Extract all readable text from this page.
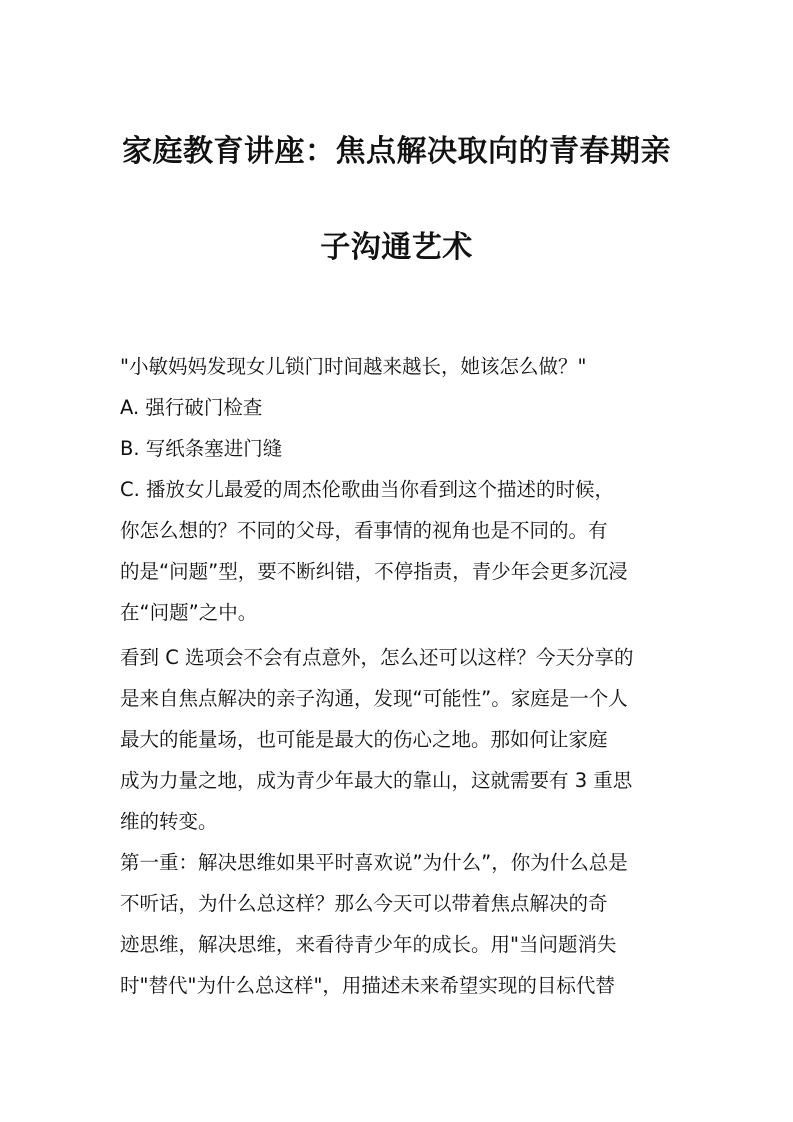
家庭教育讲座：焦点解决取向的青春期亲
子沟通艺术
"小敏妈妈发现女儿锁门时间越来越长，她该怎么做？"
A. 强行破门检查
B. 写纸条塞进门缝
C. 播放女儿最爱的周杰伦歌曲当你看到这个描述的时候，
你怎么想的？不同的父母，看事情的视角也是不同的。有
的是“问题”型，要不断纠错，不停指责，青少年会更多沉浸
在“问题”之中。
看到 C 选项会不会有点意外，怎么还可以这样？今天分享的
是来自焦点解决的亲子沟通，发现“可能性”。家庭是一个人
最大的能量场，也可能是最大的伤心之地。那如何让家庭
成为力量之地，成为青少年最大的靠山，这就需要有 3 重思
维的转变。
第一重：解决思维如果平时喜欢说”为什么”，你为什么总是
不听话，为什么总这样？那么今天可以带着焦点解决的奇
迹思维，解决思维，来看待青少年的成长。用"当问题消失
时"替代"为什么总这样"，用描述未来希望实现的目标代替
